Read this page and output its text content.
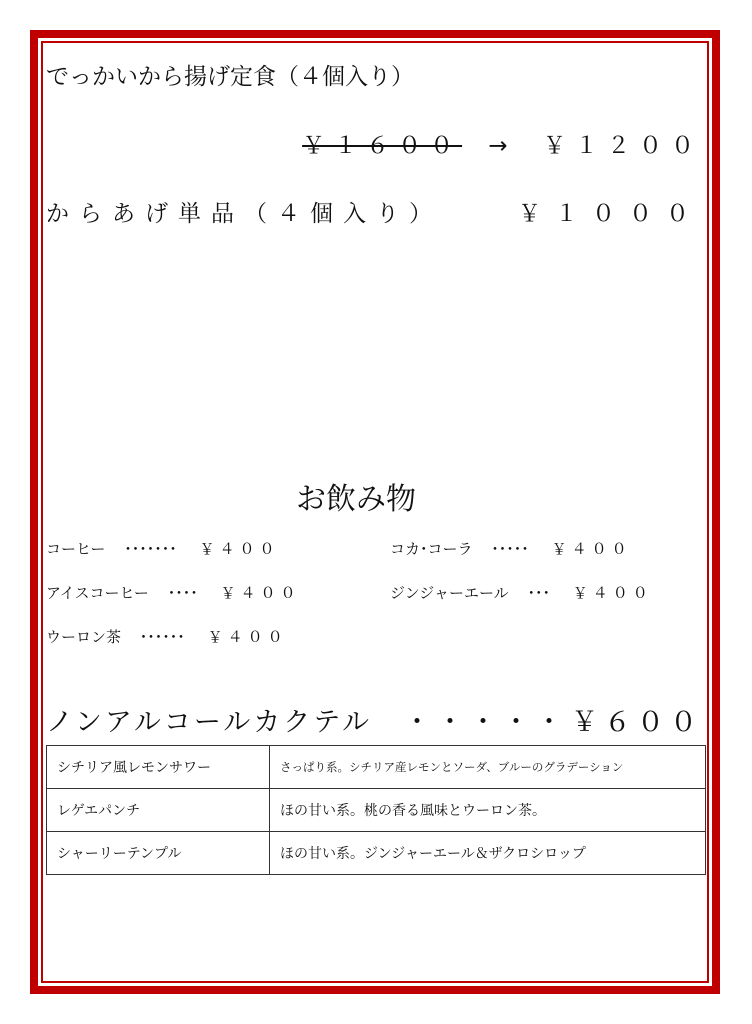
でっかいから揚げ定食（４個入り）
￥１６００ → ￥１２００
からあげ単品（４個入り）	￥１０００
お飲み物
コーヒー ･･･････ ￥４００	コカ･コーラ ･････ ￥４００
アイスコーヒー ････ ￥４００	ジンジャーエール ･･･ ￥４００
ウーロン茶 ･･････ ￥４００
ノンアルコールカクテル ・・・・・ ￥６００
シチリア風レモンサワー	さっぱり系。シチリア産レモンとソーダ、ブルーのグラデーション
レゲエパンチ	ほの甘い系。桃の香る風味とウーロン茶。
シャーリーテンプル	ほの甘い系。ジンジャーエール＆ザクロシロップ
